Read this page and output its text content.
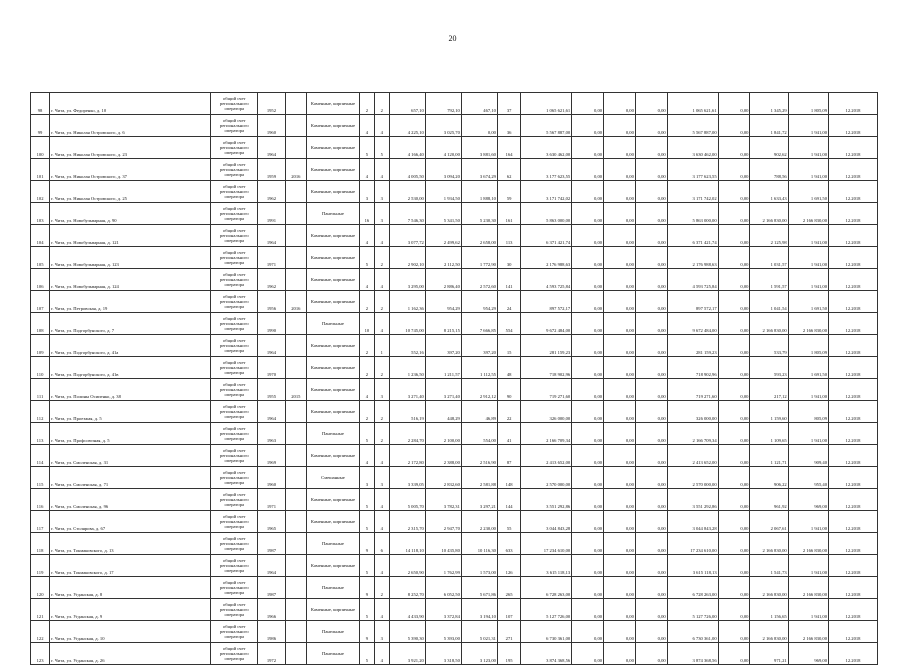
20
98	г. Чита, ул. Федоренко, д. 10	общий счет регионального оператора	1952		Каменные, кирпичные	2	2	657,10	792,10	467,10	37	1 065 621,61	0,00	0,00	0,00	1 065 621,61	0,00	1 345,29	1 805,09	12.2018
99	г. Чита, ул. Николая Островского, д. 6	общий счет регионального оператора	1960		Каменные, кирпичные	4	4	4 225,10	3 025,70	0,00	36	5 567 887,00	0,00	0,00	0,00	5 567 887,00	0,00	1 841,72	1 941,00	12.2018
100	г. Чита, ул. Николая Островского, д. 23	общий счет регионального оператора	1964		Каменные, кирпичные	5	5	4 166,40	4 120,00	3 881,60	164	3 630 462,00	0,00	0,00	0,00	3 630 462,00	0,00	902,62	1 941,00	12.2018
101	г. Чита, ул. Николая Островского, д. 37	общий счет регионального оператора	1959	2016	Каменные, кирпичные	4	4	4 005,50	3 094,20	3 674,29	62	3 177 623,55	0,00	0,00	0,00	3 177 623,55	0,00	788,56	1 941,00	12.2018
102	г. Чита, ул. Николая Островского, д. 25	общий счет регионального оператора	1962		Каменные, кирпичные	3	3	2 530,00	1 934,50	1 888,10	59	3 171 742,02	0,00	0,00	0,00	3 171 742,02	0,00	1 633,43	1 691,50	12.2018
103	г. Чита, ул. Новобульварная, д. 90	общий счет регионального оператора	1991		Панельные	16	3	7 546,30	5 341,50	5 230,30	161	5 863 000,00	0,00	0,00	0,00	5 863 000,00	0,00	2 166 830,00	2 166 830,00	12.2018
104	г. Чита, ул. Новобульварная, д. 121	общий счет регионального оператора	1964		Каменные, кирпичные	4	4	3 077,72	2 499,62	2 658,00	113	6 371 421,74	0,00	0,00	0,00	6 371 421,74	0,00	2 125,98	1 941,00	12.2018
105	г. Чита, ул. Новобульварная, д. 123	общий счет регионального оператора	1971		Каменные, кирпичные	5	2	2 902,10	2 112,50	1 772,90	30	2 176 988,63	0,00	0,00	0,00	2 176 988,63	0,00	1 031,57	1 941,00	12.2018
106	г. Чита, ул. Новобульварная, д. 124	общий счет регионального оператора	1962		Каменные, кирпичные	4	4	3 295,00	2 886,40	2 572,60	141	4 593 725,84	0,00	0,00	0,00	4 593 725,84	0,00	1 591,57	1 941,00	12.2018
107	г. Чита, ул. Петровская, д. 19	общий счет регионального оператора	1956	2016	Каменные, кирпичные	2	2	1 162,36	954,29	954,29	24	897 572,17	0,00	0,00	0,00	897 572,17	0,00	1 041,54	1 691,50	12.2018
108	г. Чита, ул. Подгорбунского, д. 7	общий счет регионального оператора	1990		Панельные	10	4	10 745,00	8 215,15	7 666,85	554	9 672 484,00	0,00	0,00	0,00	9 672 484,00	0,00	2 166 830,00	2 166 830,00	12.2018
109	г. Чита, ул. Подгорбунского, д. 41а	общий счет регионального оператора	1964		Каменные, кирпичные	2	1	552,16	397,20	397,20	15	281 159,23	0,00	0,00	0,00	281 159,23	0,00	533,79	1 805,09	12.2018
110	г. Чита, ул. Подгорбунского, д. 41в	общий счет регионального оператора	1970		Каменные, кирпичные	2	2	1 236,50	1 211,57	1 112,55	48	718 902,96	0,00	0,00	0,00	718 902,96	0,00	593,23	1 691,50	12.2018
111	г. Чита, ул. Полины Осипенко, д. 38	общий счет регионального оператора	1955	2015	Каменные, кирпичные	4	3	3 271,40	3 271,40	2 912,12	90	719 271,60	0,00	0,00	0,00	719 271,60	0,00	217,12	1 941,00	12.2018
112	г. Чита, ул. Проезжая, д. 5	общий счет регионального оператора	1964		Каменные, кирпичные	2	2	516,19	448,29	46,89	22	326 000,00	0,00	0,00	0,00	326 000,00	0,00	1 159,60	805,09	12.2018
113	г. Чита, ул. Профсоюзная, д. 5	общий счет регионального оператора	1963		Панельные	5	2	2 284,70	2 100,00	554,00	41	2 166 709,34	0,00	0,00	0,00	2 166 709,34	0,00	1 109,65	1 941,00	12.2018
114	г. Чита, ул. Смоленская, д. 31	общий счет регионального оператора	1969		Каменные, кирпичные	4	4	2 172,80	2 388,00	2 516,90	87	2 413 652,00	0,00	0,00	0,00	2 413 652,00	0,00	1 121,71	909,40	12.2018
115	г. Чита, ул. Смоленская, д. 71	общий счет регионального оператора	1960		Смешанные	3	3	3 339,05	2 832,60	2 581,88	148	2 570 000,00	0,00	0,00	0,00	2 570 000,00	0,00	906,22	955,40	12.2018
116	г. Чита, ул. Смоленская, д. 96	общий счет регионального оператора	1971		Каменные, кирпичные	5	4	5 005,70	3 782,31	3 297,21	144	3 551 292,86	0,00	0,00	0,00	3 551 292,86	0,00	961,92	969,00	12.2018
117	г. Чита, ул. Столярова, д. 67	общий счет регионального оператора	1965		Каменные, кирпичные	5	4	2 315,70	2 947,70	2 230,00	55	3 044 843,28	0,00	0,00	0,00	3 044 843,28	0,00	2 067,61	1 941,00	12.2018
118	г. Чита, ул. Токмаковского, д. 13	общий счет регионального оператора	1987		Панельные	9	6	14 118,10	10 435,80	10 116,30	633	17 234 610,00	0,00	0,00	0,00	17 234 610,00	0,00	2 166 830,00	2 166 830,00	12.2018
119	г. Чита, ул. Токмаковского, д. 17	общий счет регионального оператора	1964		Каменные, кирпичные	5	4	2 650,90	1 762,99	1 573,00	126	3 615 118,13	0,00	0,00	0,00	3 615 118,13	0,00	1 541,73	1 941,00	12.2018
120	г. Чита, ул. Угданская, д. 8	общий счет регионального оператора	1987		Панельные	9	2	8 252,70	6 052,50	5 671,86	265	6 728 263,00	0,00	0,00	0,00	6 728 263,00	0,00	2 166 830,00	2 166 830,00	12.2018
121	г. Чита, ул. Угданская, д. 9	общий счет регионального оператора	1966		Каменные, кирпичные	5	4	4 433,90	3 372,84	3 194,10	107	5 127 726,00	0,00	0,00	0,00	5 127 726,00	0,00	1 156,65	1 941,00	12.2018
122	г. Чита, ул. Угданская, д. 10	общий счет регионального оператора	1986		Панельные	9	3	5 390,30	5 393,00	5 021,31	271	6 730 361,00	0,00	0,00	0,00	6 730 361,00	0,00	2 166 830,00	2 166 830,00	12.2018
123	г. Чита, ул. Угданская, д. 26	общий счет регионального оператора	1972		Панельные	5	4	3 921,20	3 318,50	3 123,00	195	3 874 368,56	0,00	0,00	0,00	3 874 368,56	0,00	971,21	969,00	12.2018
